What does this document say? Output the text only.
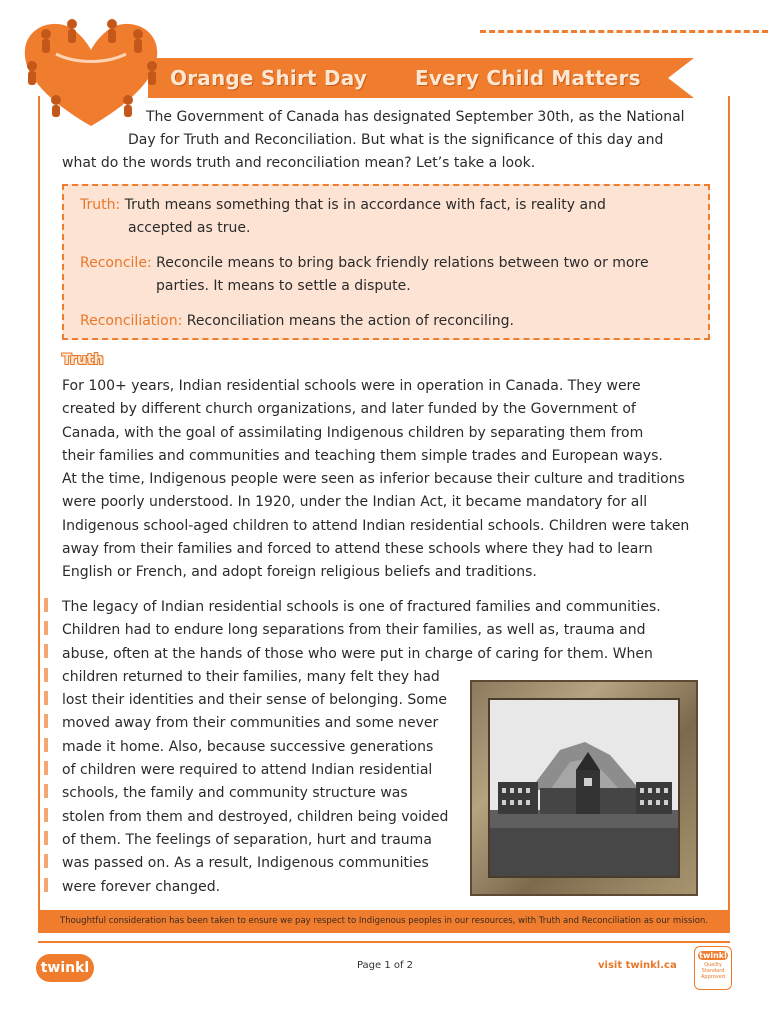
Orange Shirt Day Every Child Matters
The Government of Canada has designated September 30th, as the National
Day for Truth and Reconciliation. But what is the significance of this day and
what do the words truth and reconciliation mean? Let’s take a look.
Truth: Truth means something that is in accordance with fact, is reality and
accepted as true.
Reconcile: Reconcile means to bring back friendly relations between two or more
parties. It means to settle a dispute.
Reconciliation: Reconciliation means the action of reconciling.
Truth
For 100+ years, Indian residential schools were in operation in Canada. They were
created by different church organizations, and later funded by the Government of
Canada, with the goal of assimilating Indigenous children by separating them from
their families and communities and teaching them simple trades and European ways.
At the time, Indigenous people were seen as inferior because their culture and traditions
were poorly understood. In 1920, under the Indian Act, it became mandatory for all
Indigenous school-aged children to attend Indian residential schools. Children were taken
away from their families and forced to attend these schools where they had to learn
English or French, and adopt foreign religious beliefs and traditions.
The legacy of Indian residential schools is one of fractured families and communities.
Children had to endure long separations from their families, as well as, trauma and
abuse, often at the hands of those who were put in charge of caring for them. When
children returned to their families, many felt they had
lost their identities and their sense of belonging. Some
moved away from their communities and some never
made it home. Also, because successive generations
of children were required to attend Indian residential
schools, the family and community structure was
stolen from them and destroyed, children being voided
of them. The feelings of separation, hurt and trauma
was passed on. As a result, Indigenous communities
were forever changed.
Thoughtful consideration has been taken to ensure we pay respect to Indigenous peoples in our resources, with Truth and Reconciliation as our mission.
twinkl	Page 1 of 2	visit twinkl.ca
twinkl
Quality Standard Approved
